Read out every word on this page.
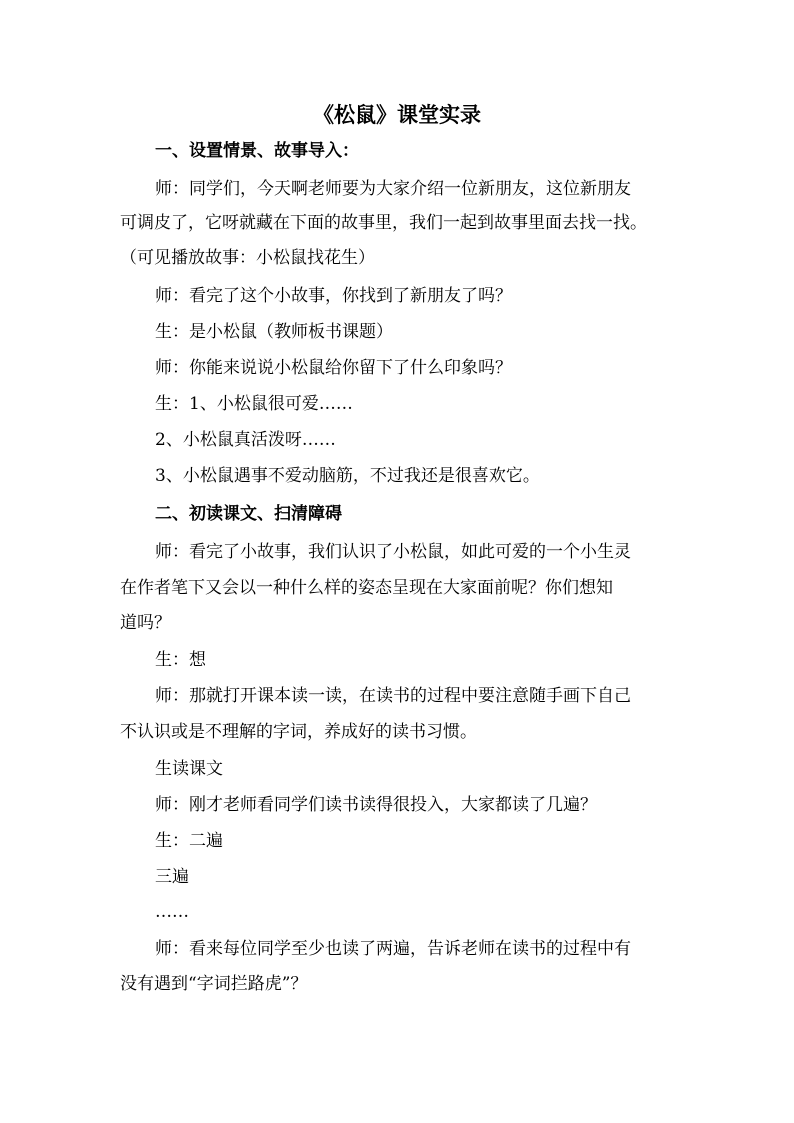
《松鼠》课堂实录
一、设置情景、故事导入：
师：同学们，今天啊老师要为大家介绍一位新朋友，这位新朋友
可调皮了，它呀就藏在下面的故事里，我们一起到故事里面去找一找。
（可见播放故事：小松鼠找花生）
师：看完了这个小故事，你找到了新朋友了吗？
生：是小松鼠（教师板书课题）
师：你能来说说小松鼠给你留下了什么印象吗？
生：1、小松鼠很可爱……
2、小松鼠真活泼呀……
3、小松鼠遇事不爱动脑筋，不过我还是很喜欢它。
二、初读课文、扫清障碍
师：看完了小故事，我们认识了小松鼠，如此可爱的一个小生灵
在作者笔下又会以一种什么样的姿态呈现在大家面前呢？你们想知
道吗？
生：想
师：那就打开课本读一读，在读书的过程中要注意随手画下自己
不认识或是不理解的字词，养成好的读书习惯。
生读课文
师：刚才老师看同学们读书读得很投入，大家都读了几遍？
生：二遍
三遍
……
师：看来每位同学至少也读了两遍，告诉老师在读书的过程中有
没有遇到“字词拦路虎”？
